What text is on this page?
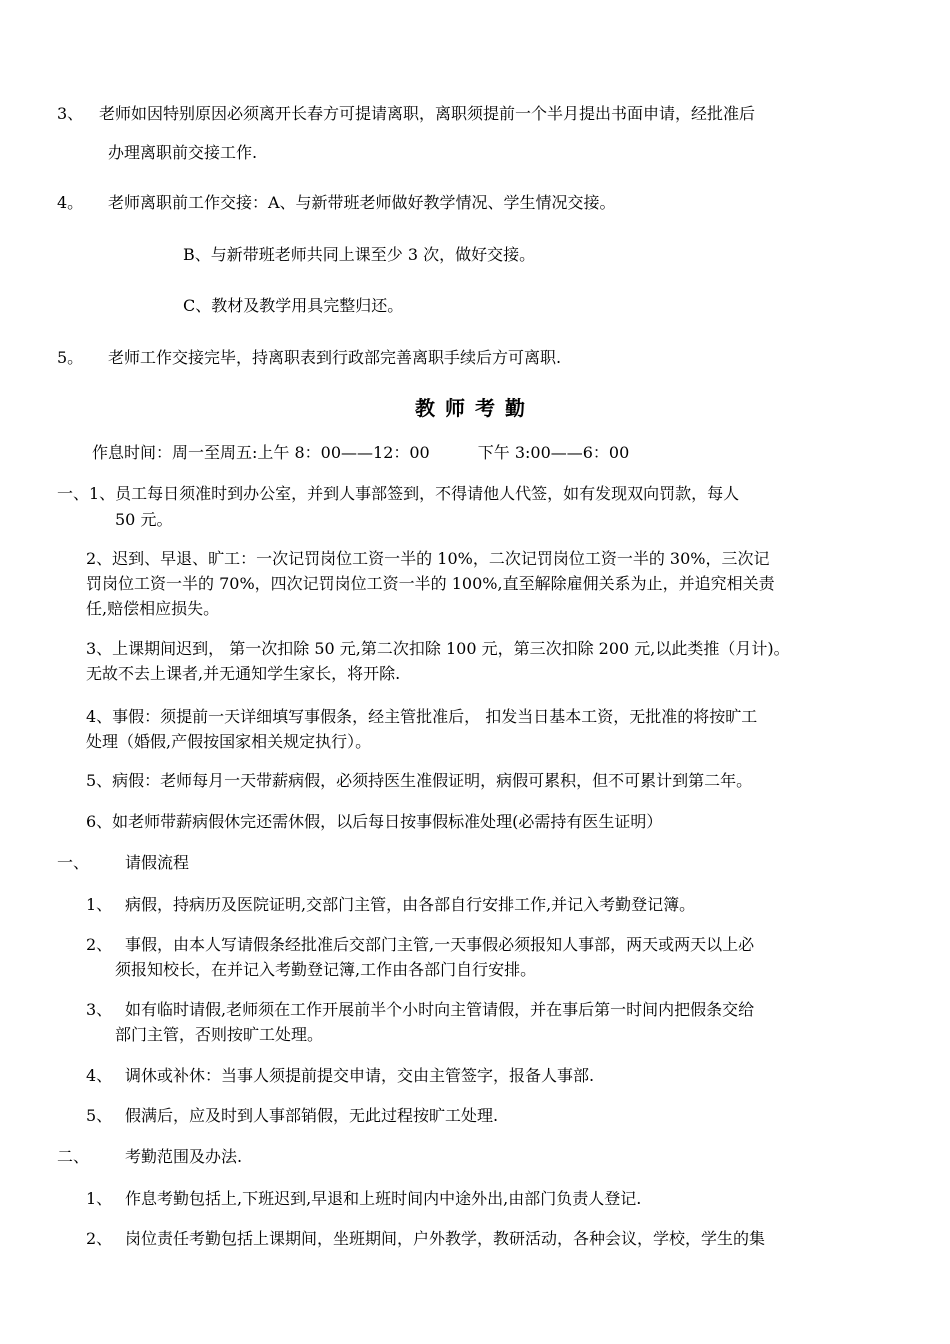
3、 老师如因特别原因必须离开长春方可提请离职，离职须提前一个半月提出书面申请，经批准后
办理离职前交接工作.
4。 老师离职前工作交接：A、与新带班老师做好教学情况、学生情况交接。
B、与新带班老师共同上课至少 3 次，做好交接。
C、教材及教学用具完整归还。
5。 老师工作交接完毕，持离职表到行政部完善离职手续后方可离职.
教师考勤
作息时间：周一至周五:上午 8：00——12：00　　　下午 3:00——6：00
一、1、员工每日须准时到办公室，并到人事部签到，不得请他人代签，如有发现双向罚款，每人
50 元。
2、迟到、早退、旷工：一次记罚岗位工资一半的 10%，二次记罚岗位工资一半的 30%，三次记
罚岗位工资一半的 70%，四次记罚岗位工资一半的 100%,直至解除雇佣关系为止，并追究相关责
任,赔偿相应损失。
3、上课期间迟到， 第一次扣除 50 元,第二次扣除 100 元，第三次扣除 200 元,以此类推（月计)。
无故不去上课者,并无通知学生家长，将开除.
4、事假：须提前一天详细填写事假条，经主管批准后， 扣发当日基本工资，无批准的将按旷工
处理（婚假,产假按国家相关规定执行）。
5、病假：老师每月一天带薪病假，必须持医生准假证明，病假可累积，但不可累计到第二年。
6、如老师带薪病假休完还需休假，以后每日按事假标准处理(必需持有医生证明）
一、 请假流程
1、 病假，持病历及医院证明,交部门主管，由各部自行安排工作,并记入考勤登记簿。
2、 事假，由本人写请假条经批准后交部门主管,一天事假必须报知人事部，两天或两天以上必
须报知校长，在并记入考勤登记簿,工作由各部门自行安排。
3、 如有临时请假,老师须在工作开展前半个小时向主管请假，并在事后第一时间内把假条交给
部门主管，否则按旷工处理。
4、 调休或补休：当事人须提前提交申请，交由主管签字，报备人事部.
5、 假满后，应及时到人事部销假，无此过程按旷工处理.
二、 考勤范围及办法.
1、 作息考勤包括上,下班迟到,早退和上班时间内中途外出,由部门负责人登记.
2、 岗位责任考勤包括上课期间，坐班期间，户外教学，教研活动，各种会议，学校，学生的集
